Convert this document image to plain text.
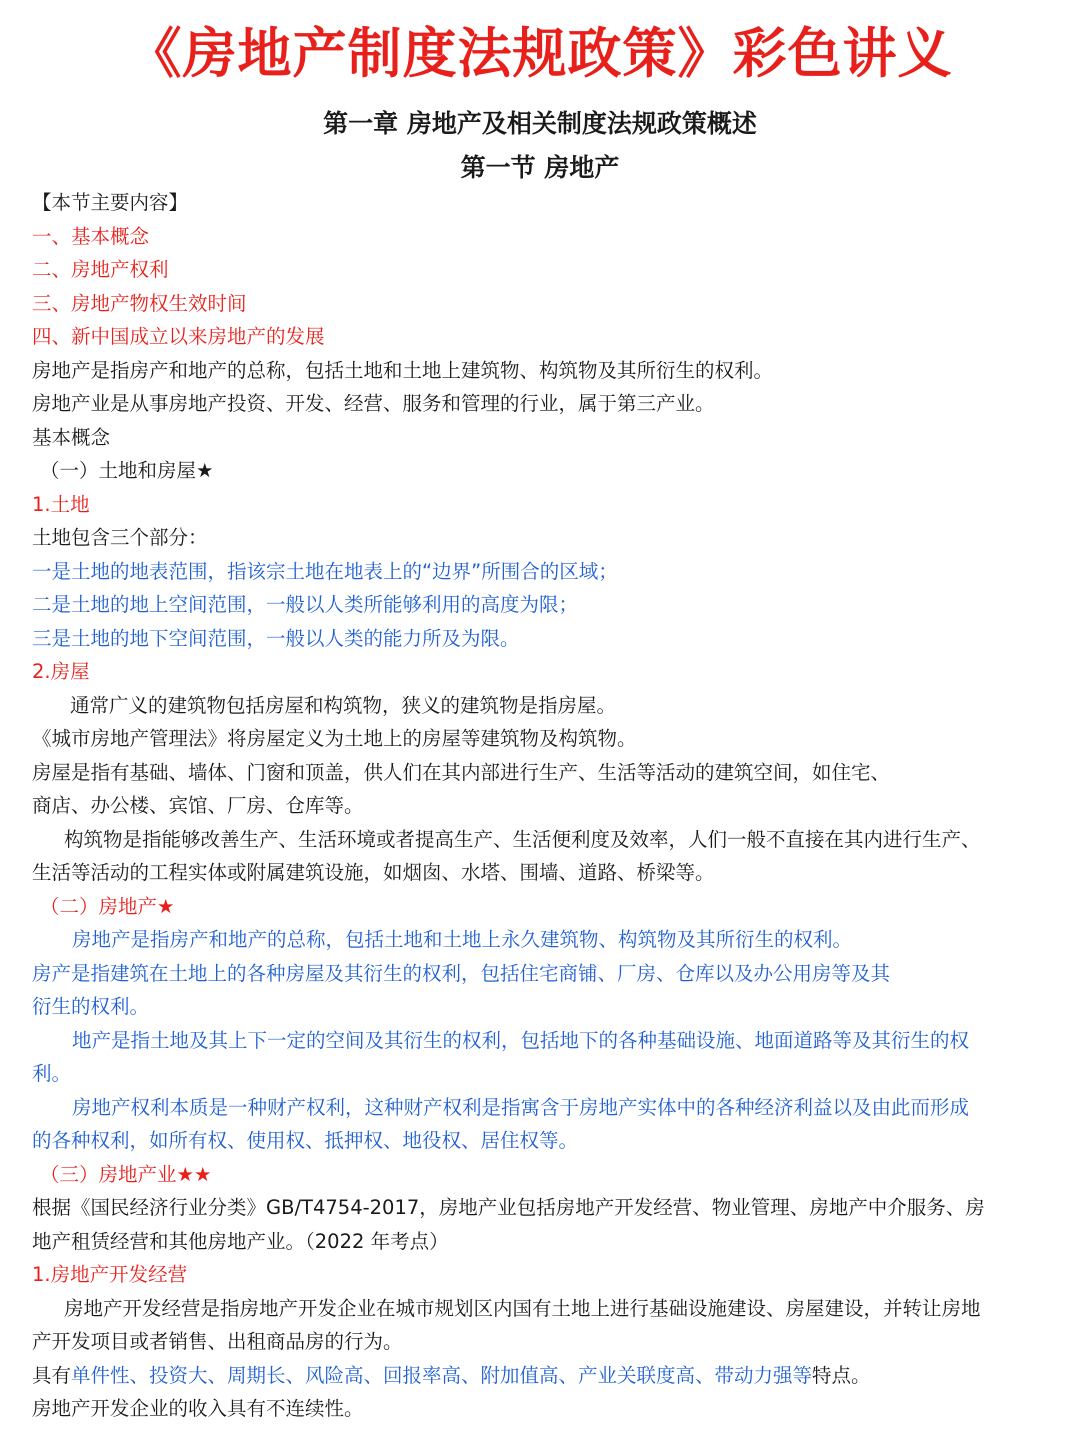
《房地产制度法规政策》彩色讲义
第一章 房地产及相关制度法规政策概述
第一节 房地产

【本节主要内容】

一、基本概念

二、房地产权利

三、房地产物权生效时间

四、新中国成立以来房地产的发展

房地产是指房产和地产的总称，包括土地和土地上建筑物、构筑物及其所衍生的权利。

房地产业是从事房地产投资、开发、经营、服务和管理的行业，属于第三产业。

基本概念

（一）土地和房屋★

1.土地

土地包含三个部分：

一是土地的地表范围，指该宗土地在地表上的“边界”所围合的区域；

二是土地的地上空间范围，一般以人类所能够利用的高度为限；

三是土地的地下空间范围，一般以人类的能力所及为限。

2.房屋

通常广义的建筑物包括房屋和构筑物，狭义的建筑物是指房屋。

《城市房地产管理法》将房屋定义为土地上的房屋等建筑物及构筑物。

房屋是指有基础、墙体、门窗和顶盖，供人们在其内部进行生产、生活等活动的建筑空间，如住宅、

商店、办公楼、宾馆、厂房、仓库等。

构筑物是指能够改善生产、生活环境或者提高生产、生活便利度及效率，人们一般不直接在其内进行生产、

生活等活动的工程实体或附属建筑设施，如烟囱、水塔、围墙、道路、桥梁等。

（二）房地产★

房地产是指房产和地产的总称，包括土地和土地上永久建筑物、构筑物及其所衍生的权利。

房产是指建筑在土地上的各种房屋及其衍生的权利，包括住宅商铺、厂房、仓库以及办公用房等及其

衍生的权利。

地产是指土地及其上下一定的空间及其衍生的权利，包括地下的各种基础设施、地面道路等及其衍生的权

利。

房地产权利本质是一种财产权利，这种财产权利是指寓含于房地产实体中的各种经济利益以及由此而形成

的各种权利，如所有权、使用权、抵押权、地役权、居住权等。

（三）房地产业★★

根据《国民经济行业分类》GB/T4754-2017，房地产业包括房地产开发经营、物业管理、房地产中介服务、房

地产租赁经营和其他房地产业。（2022 年考点）

1.房地产开发经营

房地产开发经营是指房地产开发企业在城市规划区内国有土地上进行基础设施建设、房屋建设，并转让房地

产开发项目或者销售、出租商品房的行为。

具有单件性、投资大、周期长、风险高、回报率高、附加值高、产业关联度高、带动力强等特点。

房地产开发企业的收入具有不连续性。
